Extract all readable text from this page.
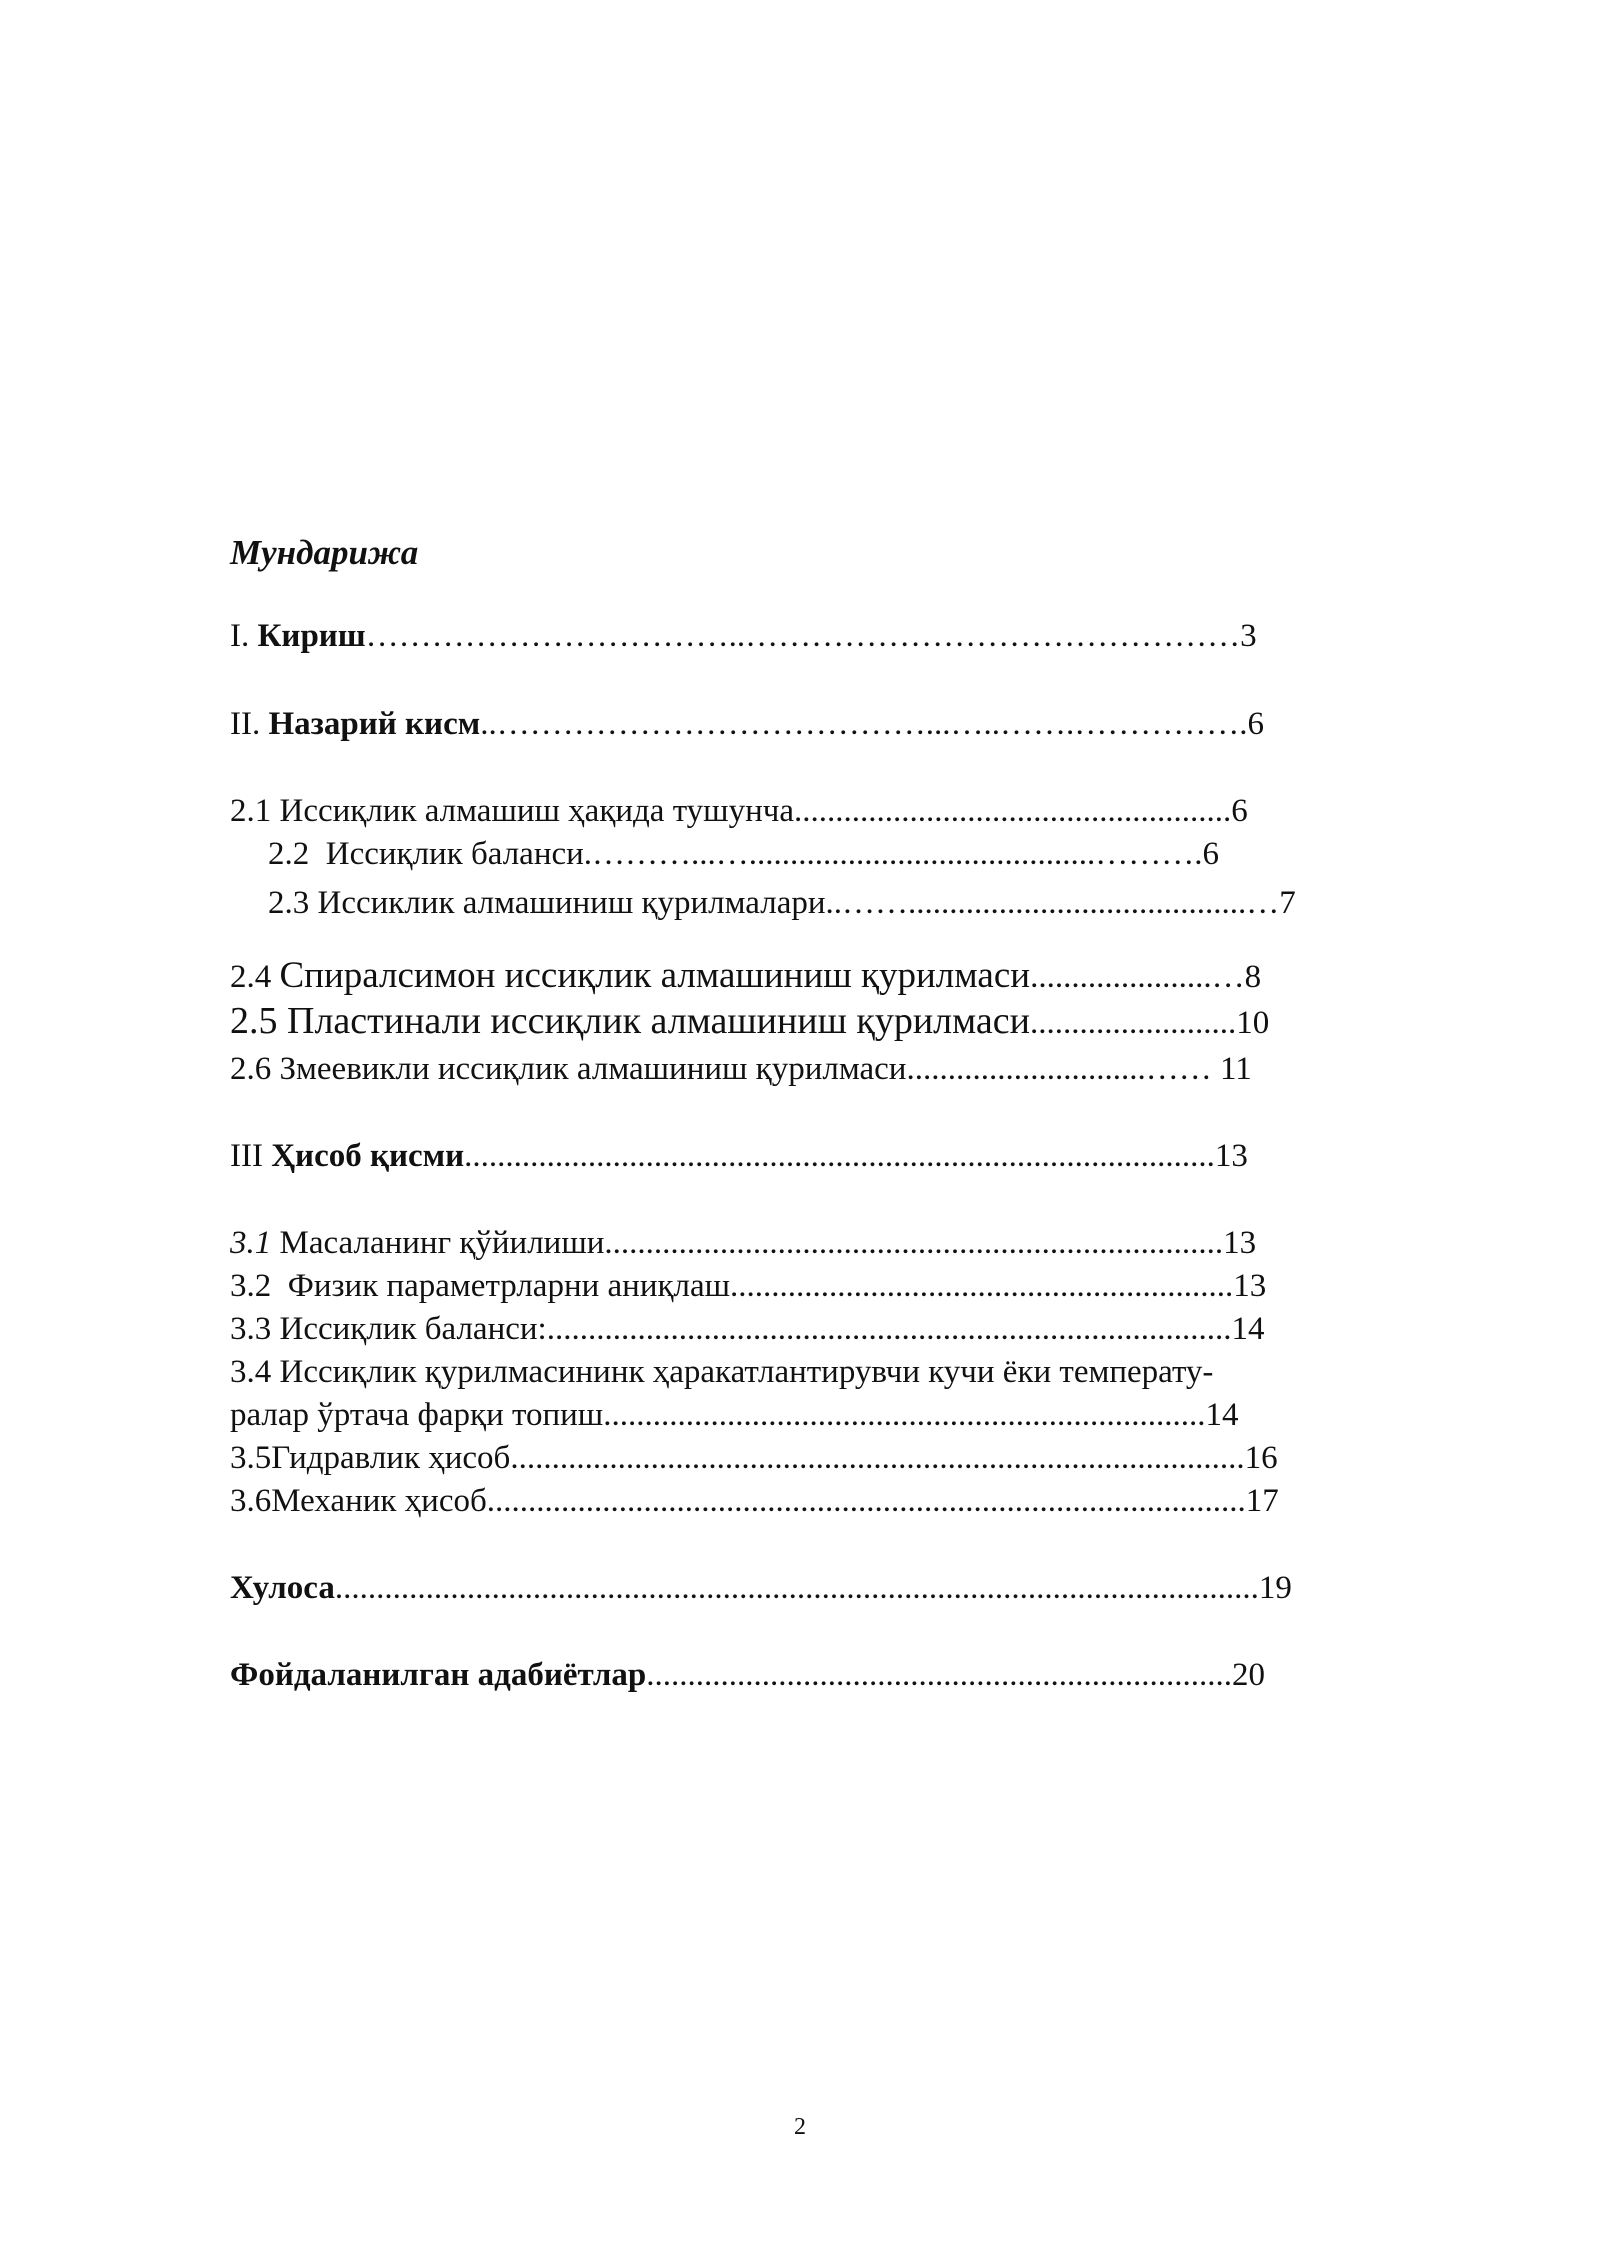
Мундарижа
I. Кириш……………………………..………………………………………3
II. Назарий кисм..…………………………………...…..…….…………….6
2.1 Иссиқлик алмашиш ҳақида тушунча.....................................................6
2.2  Иссиқлик баланси.………...…..........................................……….6
2.3 Иссиклик алмашиниш қурилмалари..…….........................................…7
2.4 Спиралсимон иссиқлик алмашиниш қурилмаси......................…8
2.5 Пластинали иссиқлик алмашиниш қурилмаси.........................10
2.6 Змеевикли иссиқлик алмашиниш қурилмаси.............................…… 11
III Ҳисоб қисми...........................................................................................13
3.1 Масаланинг қўйилиши...........................................................................13
3.2  Физик параметрларни аниқлаш.............................................................13
3.3 Иссиқлик баланси:...................................................................................14
3.4 Иссиқлик қурилмасининк ҳаракатлантирувчи кучи ёки температу-
ралар ўртача фарқи топиш.........................................................................14
3.5Гидравлик ҳисоб.........................................................................................16
3.6Механик ҳисоб............................................................................................17
Хулоса................................................................................................................19
Фойдаланилган адабиётлар.......................................................................20
2
